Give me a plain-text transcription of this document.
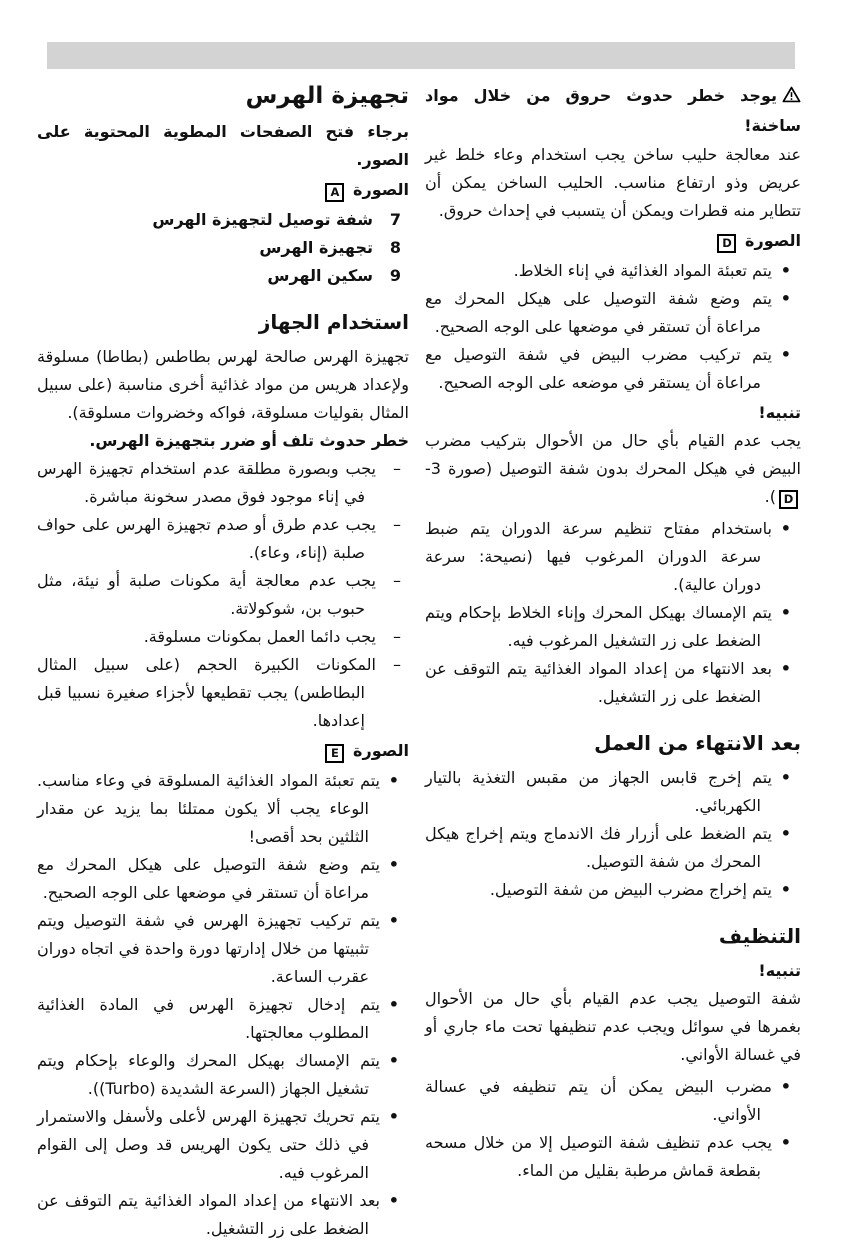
يوجد خطر حدوث حروق من خلال مواد ساخنة!

عند معالجة حليب ساخن يجب استخدام وعاء خلط غير عريض وذو ارتفاع مناسب. الحليب الساخن يمكن أن تتطاير منه قطرات ويمكن أن يتسبب في إحداث حروق.

الصورة D
• يتم تعبئة المواد الغذائية في إناء الخلاط.
• يتم وضع شفة التوصيل على هيكل المحرك مع مراعاة أن تستقر في موضعها على الوجه الصحيح.
• يتم تركيب مضرب البيض في شفة التوصيل مع مراعاة أن يستقر في موضعه على الوجه الصحيح.

تنبيه!

يجب عدم القيام بأي حال من الأحوال بتركيب مضرب البيض في هيكل المحرك بدون شفة التوصيل (صورة 3-D).

• باستخدام مفتاح تنظيم سرعة الدوران يتم ضبط سرعة الدوران المرغوب فيها (نصيحة: سرعة دوران عالية).
• يتم الإمساك بهيكل المحرك وإناء الخلاط بإحكام ويتم الضغط على زر التشغيل المرغوب فيه.
• بعد الانتهاء من إعداد المواد الغذائية يتم التوقف عن الضغط على زر التشغيل.
بعد الانتهاء من العمل
• يتم إخرج قابس الجهاز من مقبس التغذية بالتيار الكهربائي.
• يتم الضغط على أزرار فك الاندماج ويتم إخراج هيكل المحرك من شفة التوصيل.
• يتم إخراج مضرب البيض من شفة التوصيل.
التنظيف

تنبيه!

شفة التوصيل يجب عدم القيام بأي حال من الأحوال بغمرها في سوائل ويجب عدم تنظيفها تحت ماء جاري أو في غسالة الأواني.

• مضرب البيض يمكن أن يتم تنظيفه في عسالة الأواني.
• يجب عدم تنظيف شفة التوصيل إلا من خلال مسحه بقطعة قماش مرطبة بقليل من الماء.
تجهيزة الهرس

برجاء فتح الصفحات المطوية المحتوية على الصور.

الصورة A
7
شفة توصيل لتجهيزة الهرس
8
تجهيزة الهرس
9
سكين الهرس
استخدام الجهاز

تجهيزة الهرس صالحة لهرس بطاطس (بطاطا) مسلوقة ولإعداد هريس من مواد غذائية أخرى مناسبة (على سبيل المثال بقوليات مسلوقة، فواكه وخضروات مسلوقة).

خطر حدوث تلف أو ضرر بتجهيزة الهرس.

– يجب وبصورة مطلقة عدم استخدام تجهيزة الهرس في إناء موجود فوق مصدر سخونة مباشرة.
– يجب عدم طرق أو صدم تجهيزة الهرس على حواف صلبة (إناء، وعاء).
– يجب عدم معالجة أية مكونات صلبة أو نيئة، مثل حبوب بن، شوكولاتة.
– يجب دائما العمل بمكونات مسلوقة.
– المكونات الكبيرة الحجم (على سبيل المثال البطاطس) يجب تقطيعها لأجزاء صغيرة نسبيا قبل إعدادها.
الصورة E
• يتم تعبئة المواد الغذائية المسلوقة في وعاء مناسب. الوعاء يجب ألا يكون ممتلئا بما يزيد عن مقدار الثلثين بحد أقصى!
• يتم وضع شفة التوصيل على هيكل المحرك مع مراعاة أن تستقر في موضعها على الوجه الصحيح.
• يتم تركيب تجهيزة الهرس في شفة التوصيل ويتم تثبيتها من خلال إدارتها دورة واحدة في اتجاه دوران عقرب الساعة.
• يتم إدخال تجهيزة الهرس في المادة الغذائية المطلوب معالجتها.
• يتم الإمساك بهيكل المحرك والوعاء بإحكام ويتم تشغيل الجهاز (السرعة الشديدة (Turbo)).
• يتم تحريك تجهيزة الهرس لأعلى ولأسفل والاستمرار في ذلك حتى يكون الهريس قد وصل إلى القوام المرغوب فيه.
• بعد الانتهاء من إعداد المواد الغذائية يتم التوقف عن الضغط على زر التشغيل.
